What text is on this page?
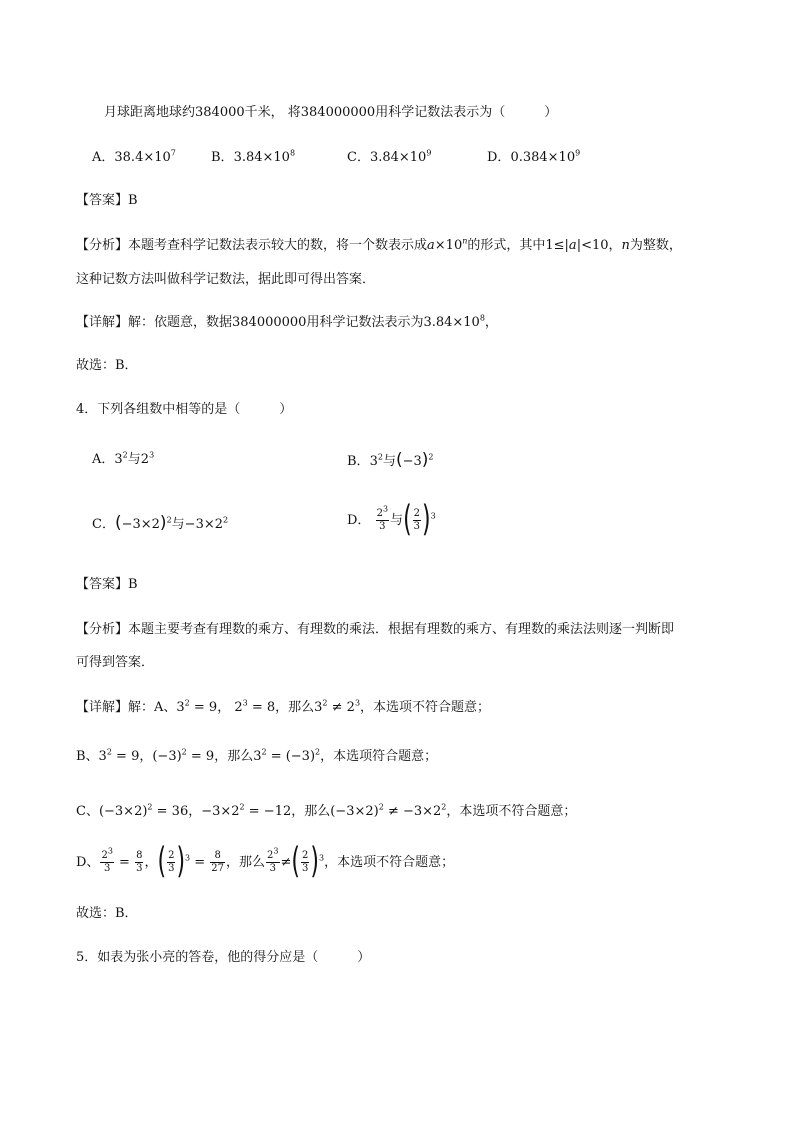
月球距离地球约384000千米， 将384000000用科学记数法表示为（　　　）
A．$38.4\times 10^7$	B．$3.84\times 10^8$	C．$3.84\times 10^9$	D．$0.384\times 10^9$
【答案】B
【分析】本题考查科学记数法表示较大的数，将一个数表示成$a\times 10^n$的形式，其中1≤|a|<10，n为整数，
这种记数方法叫做科学记数法，据此即可得出答案．
【详解】解：依题意，数据384000000用科学记数法表示为$3.84\times 10^8$，
故选：B．
4．下列各组数中相等的是（　　　）
A．$3^2$与$2^3$	B．$3^2$与$(-3)^2$
C．$(-3\times 2)^2$与$-3\times 2^2$	D． $\frac{2^3}{3}$ 与( $\frac{2}{3} )^3$
【答案】B
【分析】本题主要考查有理数的乘方、有理数的乘法．根据有理数的乘方、有理数的乘法法则逐一判断即
可得到答案．
【详解】解：A、$3^2 = 9$， $2^3 = 8$，那么$3^2 \ne 2^3$，本选项不符合题意；
B、$3^2 = 9$，$(-3)^2 = 9$，那么$3^2 = (-3)^2$，本选项符合题意；
C、$(-3\times 2)^2 = 36$，$-3\times 2^2 = -12$，那么$(-3\times 2)^2 \ne -3\times 2^2$，本选项不符合题意；
D、 $\frac{2^3}{3} = \frac{8}{3}$ ，( $\frac{2}{3} )^3 = \frac{8}{27}$ ，那么 $\frac{2^3}{3}$ ≠( $\frac{2}{3} )^3$，本选项不符合题意；
故选：B．
5．如表为张小亮的答卷，他的得分应是（　　　）
